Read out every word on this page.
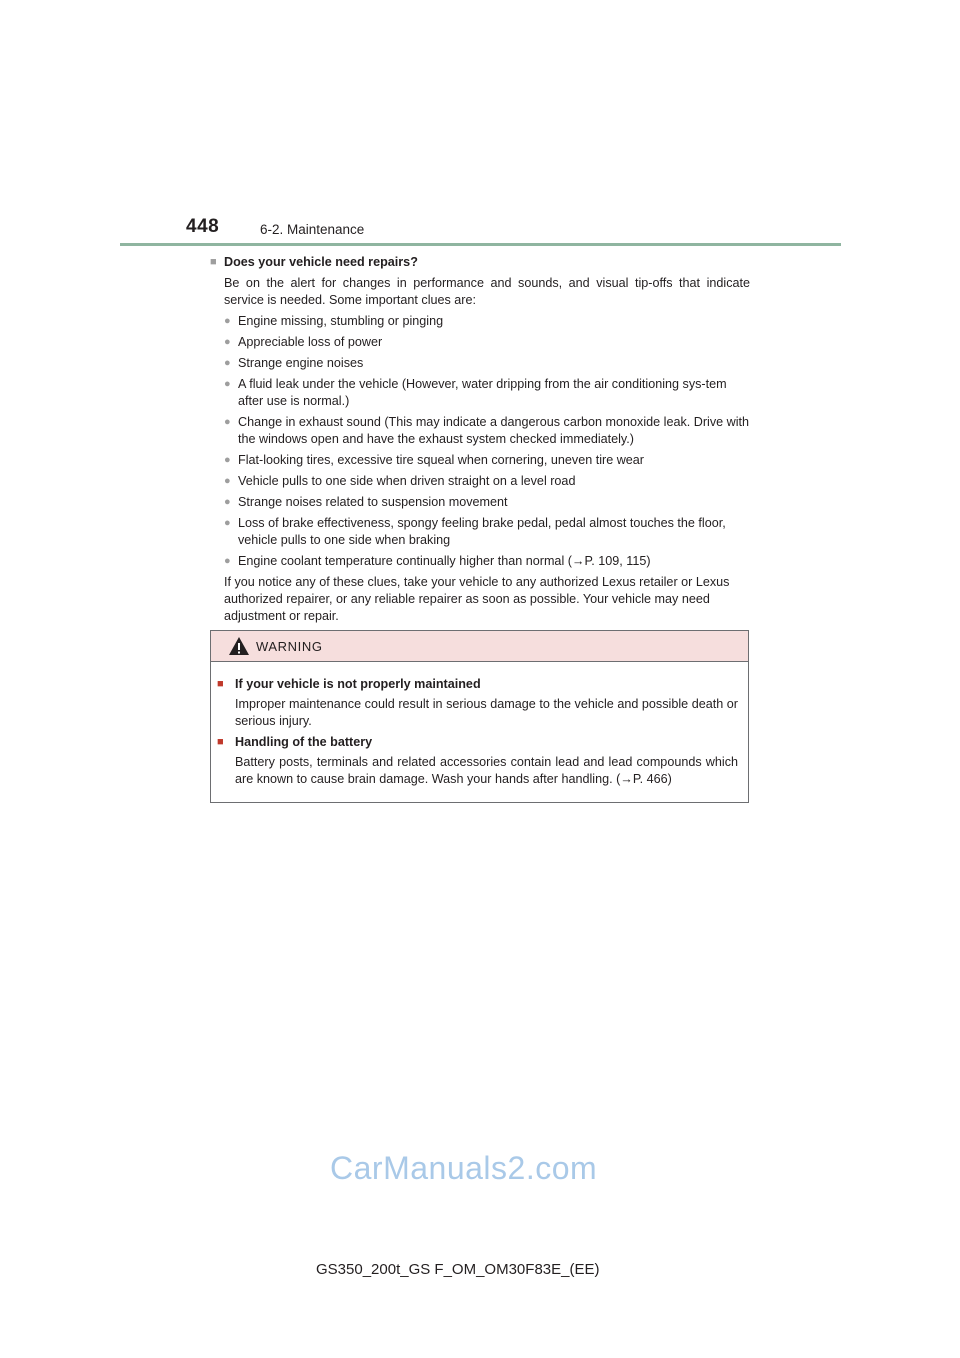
448	6-2. Maintenance
■ Does your vehicle need repairs?

Be on the alert for changes in performance and sounds, and visual tip-offs that indicate service is needed. Some important clues are:

● Engine missing, stumbling or pinging
● Appreciable loss of power
● Strange engine noises
● A fluid leak under the vehicle (However, water dripping from the air conditioning sys-tem after use is normal.)
● Change in exhaust sound (This may indicate a dangerous carbon monoxide leak. Drive with the windows open and have the exhaust system checked immediately.)
● Flat-looking tires, excessive tire squeal when cornering, uneven tire wear
● Vehicle pulls to one side when driven straight on a level road
● Strange noises related to suspension movement
● Loss of brake effectiveness, spongy feeling brake pedal, pedal almost touches the floor, vehicle pulls to one side when braking
● Engine coolant temperature continually higher than normal (→P. 109, 115)

If you notice any of these clues, take your vehicle to any authorized Lexus retailer or Lexus authorized repairer, or any reliable repairer as soon as possible. Your vehicle may need adjustment or repair.

WARNING
■ If your vehicle is not properly maintained
Improper maintenance could result in serious damage to the vehicle and possible death or serious injury.
■ Handling of the battery
Battery posts, terminals and related accessories contain lead and lead compounds which are known to cause brain damage. Wash your hands after handling. (→P. 466)
CarManuals2.com
GS350_200t_GS F_OM_OM30F83E_(EE)
